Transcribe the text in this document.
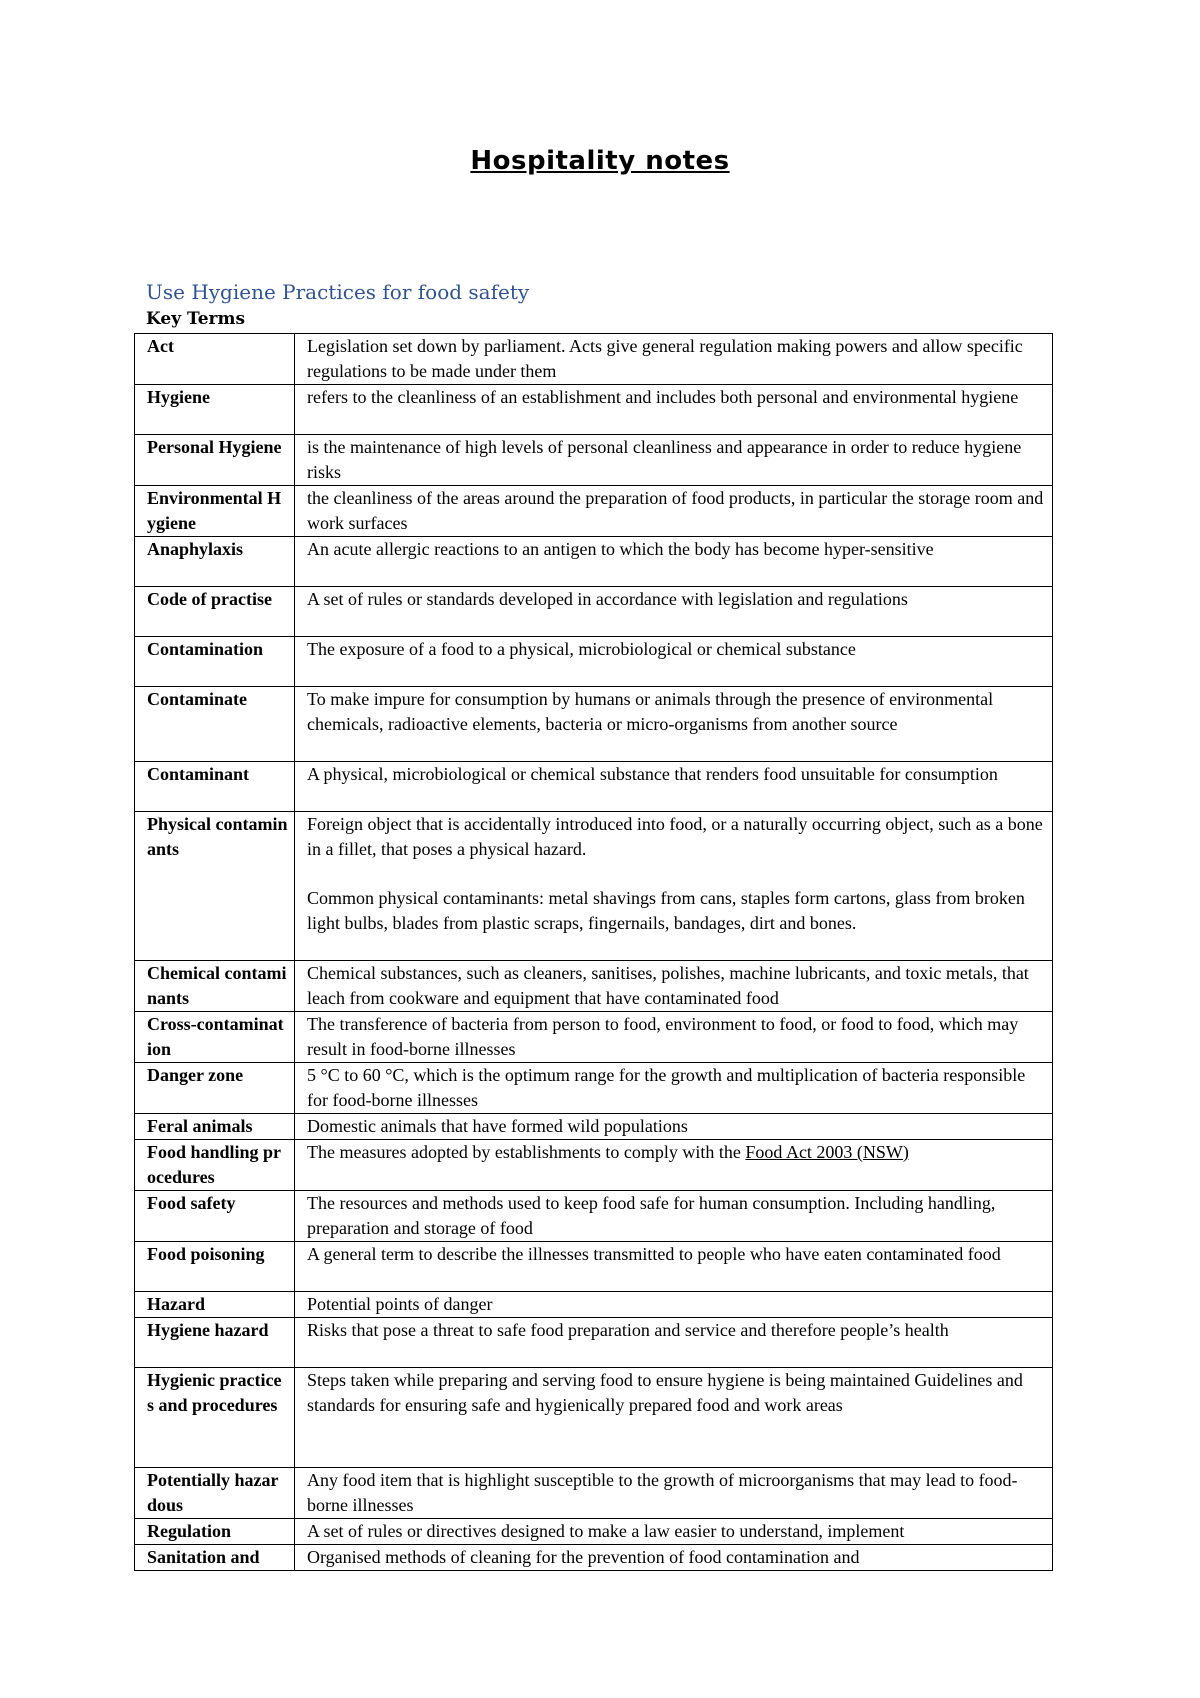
Hospitality notes
Use Hygiene Practices for food safety
Key Terms
Act	Legislation set down by parliament. Acts give general regulation making powers and allow specific regulations to be made under them
Hygiene	refers to the cleanliness of an establishment and includes both personal and environmental hygiene
Personal Hygiene	is the maintenance of high levels of personal cleanliness and appearance in order to reduce hygiene risks
Environmental Hygiene	the cleanliness of the areas around the preparation of food products, in particular the storage room and work surfaces
Anaphylaxis	An acute allergic reactions to an antigen to which the body has become hyper-sensitive
Code of practise	A set of rules or standards developed in accordance with legislation and regulations
Contamination	The exposure of a food to a physical, microbiological or chemical substance
Contaminate	To make impure for consumption by humans or animals through the presence of environmental chemicals, radioactive elements, bacteria or micro-organisms from another source
Contaminant	A physical, microbiological or chemical substance that renders food unsuitable for consumption
Physical contaminants	Foreign object that is accidentally introduced into food, or a naturally occurring object, such as a bone in a fillet, that poses a physical hazard.
Common physical contaminants: metal shavings from cans, staples form cartons, glass from broken light bulbs, blades from plastic scraps, fingernails, bandages, dirt and bones.

Chemical contaminants	Chemical substances, such as cleaners, sanitises, polishes, machine lubricants, and toxic metals, that leach from cookware and equipment that have contaminated food
Cross-contamination	The transference of bacteria from person to food, environment to food, or food to food, which may result in food-borne illnesses
Danger zone	5 °C to 60 °C, which is the optimum range for the growth and multiplication of bacteria responsible for food-borne illnesses
Feral animals	Domestic animals that have formed wild populations
Food handling procedures	The measures adopted by establishments to comply with the Food Act 2003 (NSW)
Food safety	The resources and methods used to keep food safe for human consumption. Including handling, preparation and storage of food
Food poisoning	A general term to describe the illnesses transmitted to people who have eaten contaminated food
Hazard	Potential points of danger
Hygiene hazard	Risks that pose a threat to safe food preparation and service and therefore people’s health
Hygienic practices and procedures	Steps taken while preparing and serving food to ensure hygiene is being maintained Guidelines and standards for ensuring safe and hygienically prepared food and work areas
Potentially hazardous	Any food item that is highlight susceptible to the growth of microorganisms that may lead to food-borne illnesses
Regulation	A set of rules or directives designed to make a law easier to understand, implement
Sanitation and	Organised methods of cleaning for the prevention of food contamination and
